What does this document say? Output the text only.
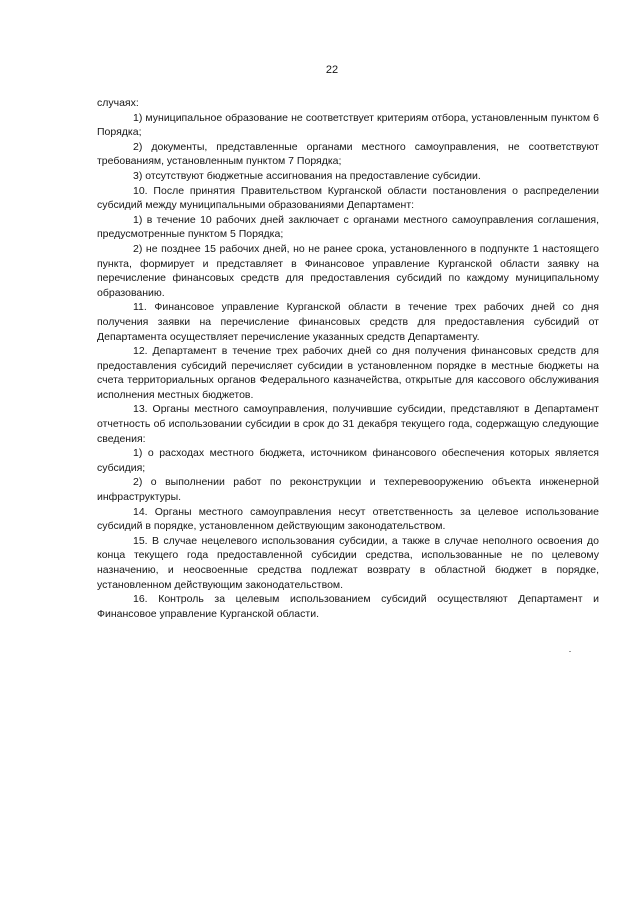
22

случаях:

1) муниципальное образование не соответствует критериям отбора, установленным пунктом 6 Порядка;

2) документы, представленные органами местного самоуправления, не соответствуют требованиям, установленным пунктом 7 Порядка;

3) отсутствуют бюджетные ассигнования на предоставление субсидии.

10. После принятия Правительством Курганской области постановления о распределении субсидий между муниципальными образованиями Департамент:

1) в течение 10 рабочих дней заключает с органами местного самоуправления соглашения, предусмотренные пунктом 5 Порядка;

2) не позднее 15 рабочих дней, но не ранее срока, установленного в подпункте 1 настоящего пункта, формирует и представляет в Финансовое управление Курганской области заявку на перечисление финансовых средств для предоставления субсидий по каждому муниципальному образованию.

11. Финансовое управление Курганской области в течение трех рабочих дней со дня получения заявки на перечисление финансовых средств для предоставления субсидий от Департамента осуществляет перечисление указанных средств Департаменту.

12. Департамент в течение трех рабочих дней со дня получения финансовых средств для предоставления субсидий перечисляет субсидии в установленном порядке в местные бюджеты на счета территориальных органов Федерального казначейства, открытые для кассового обслуживания исполнения местных бюджетов.

13. Органы местного самоуправления, получившие субсидии, представляют в Департамент отчетность об использовании субсидии в срок до 31 декабря текущего года, содержащую следующие сведения:

1) о расходах местного бюджета, источником финансового обеспечения которых является субсидия;

2) о выполнении работ по реконструкции и техперевооружению объекта инженерной инфраструктуры.

14. Органы местного самоуправления несут ответственность за целевое использование субсидий в порядке, установленном действующим законодательством.

15. В случае нецелевого использования субсидии, а также в случае неполного освоения до конца текущего года предоставленной субсидии средства, использованные не по целевому назначению, и неосвоенные средства подлежат возврату в областной бюджет в порядке, установленном действующим законодательством.

16. Контроль за целевым использованием субсидий осуществляют Департамент и Финансовое управление Курганской области.
